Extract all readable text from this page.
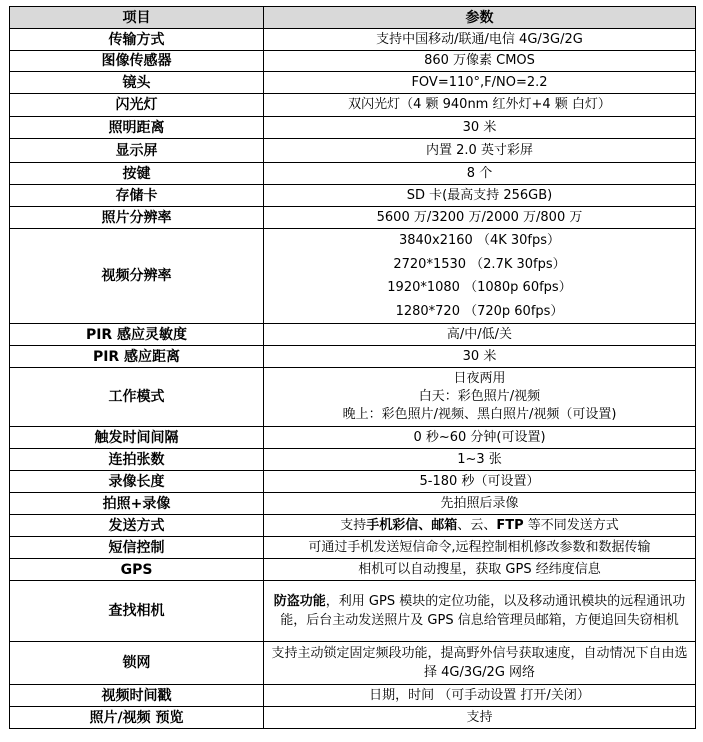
项目	参数
传输方式	支持中国移动/联通/电信 4G/3G/2G
图像传感器	860 万像素 CMOS
镜头	FOV=110°,F/NO=2.2
闪光灯	双闪光灯（4 颗 940nm 红外灯+4 颗 白灯）
照明距离	30 米
显示屏	内置 2.0 英寸彩屏
按键	8 个
存储卡	SD 卡(最高支持 256GB)
照片分辨率	5600 万/3200 万/2000 万/800 万
视频分辨率	3840x2160 （4K 30fps）
2720*1530 （2.7K 30fps）
1920*1080 （1080p 60fps）
1280*720 （720p 60fps）

PIR 感应灵敏度	高/中/低/关
PIR 感应距离	30 米
工作模式	日夜两用
白天：彩色照片/视频
晚上：彩色照片/视频、黑白照片/视频（可设置)

触发时间间隔	0 秒~60 分钟(可设置)
连拍张数	1~3 张
录像长度	5-180 秒（可设置）
拍照+录像	先拍照后录像
发送方式	支持手机彩信、邮箱、云、FTP 等不同发送方式
短信控制	可通过手机发送短信命令,远程控制相机修改参数和数据传输
GPS	相机可以自动搜星，获取 GPS 经纬度信息
查找相机	防盗功能，利用 GPS 模块的定位功能，以及移动通讯模块的远程通讯功能，后台主动发送照片及 GPS 信息给管理员邮箱，方便追回失窃相机
锁网	支持主动锁定固定频段功能，提高野外信号获取速度，自动情况下自由选择 4G/3G/2G 网络
视频时间戳	日期，时间 （可手动设置 打开/关闭）
照片/视频 预览	支持
